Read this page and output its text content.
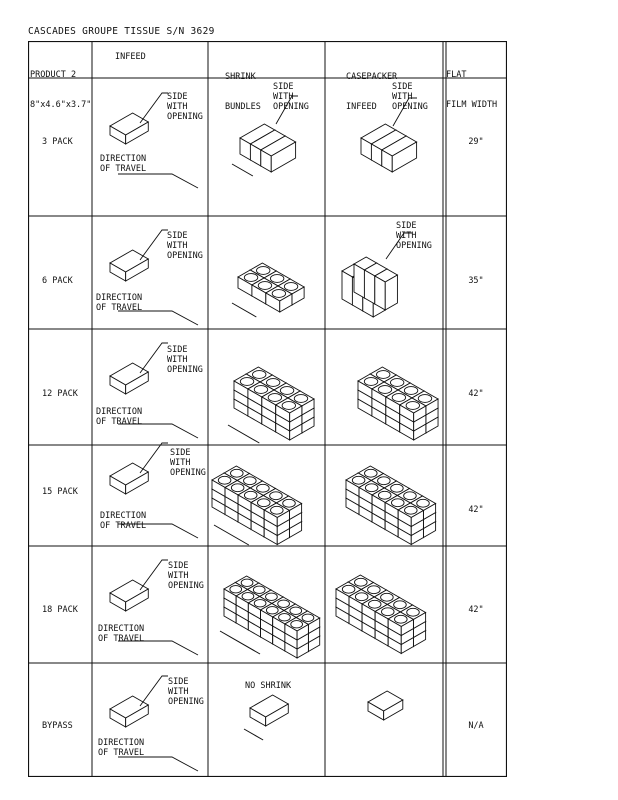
CASCADES GROUPE TISSUE S/N 3629

PRODUCT 2

8"x4.6"x3.7"

INFEED

SHRINK

BUNDLES

CASEPACKER

INFEED

FLAT

FILM WIDTH

3 PACK
6 PACK
12 PACK
15 PACK
18 PACK
BYPASS
29"
35"
42"
42"
42"
N/A
SIDE
WITH
OPENING
DIRECTION
OF TRAVEL
SIDE
WITH
OPENING
DIRECTION
OF TRAVEL
SIDE
WITH
OPENING
DIRECTION
OF TRAVEL
SIDE
WITH
OPENING
DIRECTION
OF TRAVEL
SIDE
WITH
OPENING
DIRECTION
OF TRAVEL
SIDE
WITH
OPENING
DIRECTION
OF TRAVEL
SIDE
WITH
OPENING
SIDE
WITH
OPENING
SIDE
WITH
OPENING
NO SHRINK
